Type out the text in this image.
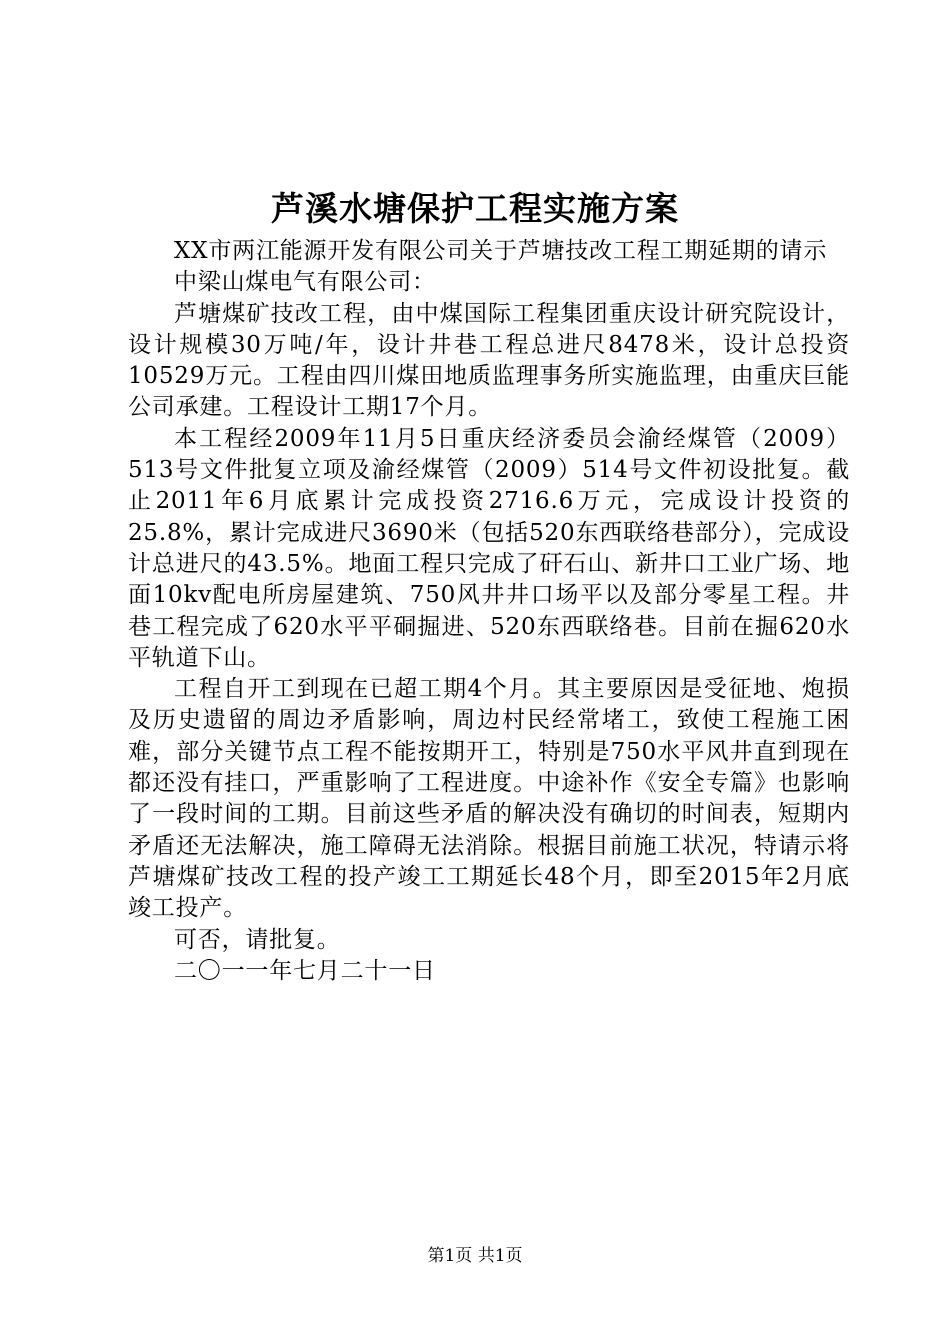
芦溪水塘保护工程实施方案

XX市两江能源开发有限公司关于芦塘技改工程工期延期的请示

中梁山煤电气有限公司：

芦塘煤矿技改工程，由中煤国际工程集团重庆设计研究院设计，设计规模30万吨/年，设计井巷工程总进尺8478米，设计总投资10529万元。工程由四川煤田地质监理事务所实施监理，由重庆巨能公司承建。工程设计工期17个月。

本工程经2009年11月5日重庆经济委员会渝经煤管（2009）513号文件批复立项及渝经煤管（2009）514号文件初设批复。截止2011年6月底累计完成投资2716.6万元，完成设计投资的25.8%，累计完成进尺3690米（包括520东西联络巷部分），完成设计总进尺的43.5%。地面工程只完成了矸石山、新井口工业广场、地面10kv配电所房屋建筑、750风井井口场平以及部分零星工程。井巷工程完成了620水平平硐掘进、520东西联络巷。目前在掘620水平轨道下山。

工程自开工到现在已超工期4个月。其主要原因是受征地、炮损及历史遗留的周边矛盾影响，周边村民经常堵工，致使工程施工困难，部分关键节点工程不能按期开工，特别是750水平风井直到现在都还没有挂口，严重影响了工程进度。中途补作《安全专篇》也影响了一段时间的工期。目前这些矛盾的解决没有确切的时间表，短期内矛盾还无法解决，施工障碍无法消除。根据目前施工状况，特请示将芦塘煤矿技改工程的投产竣工工期延长48个月，即至2015年2月底竣工投产。

可否，请批复。

二〇一一年七月二十一日

第1页 共1页
